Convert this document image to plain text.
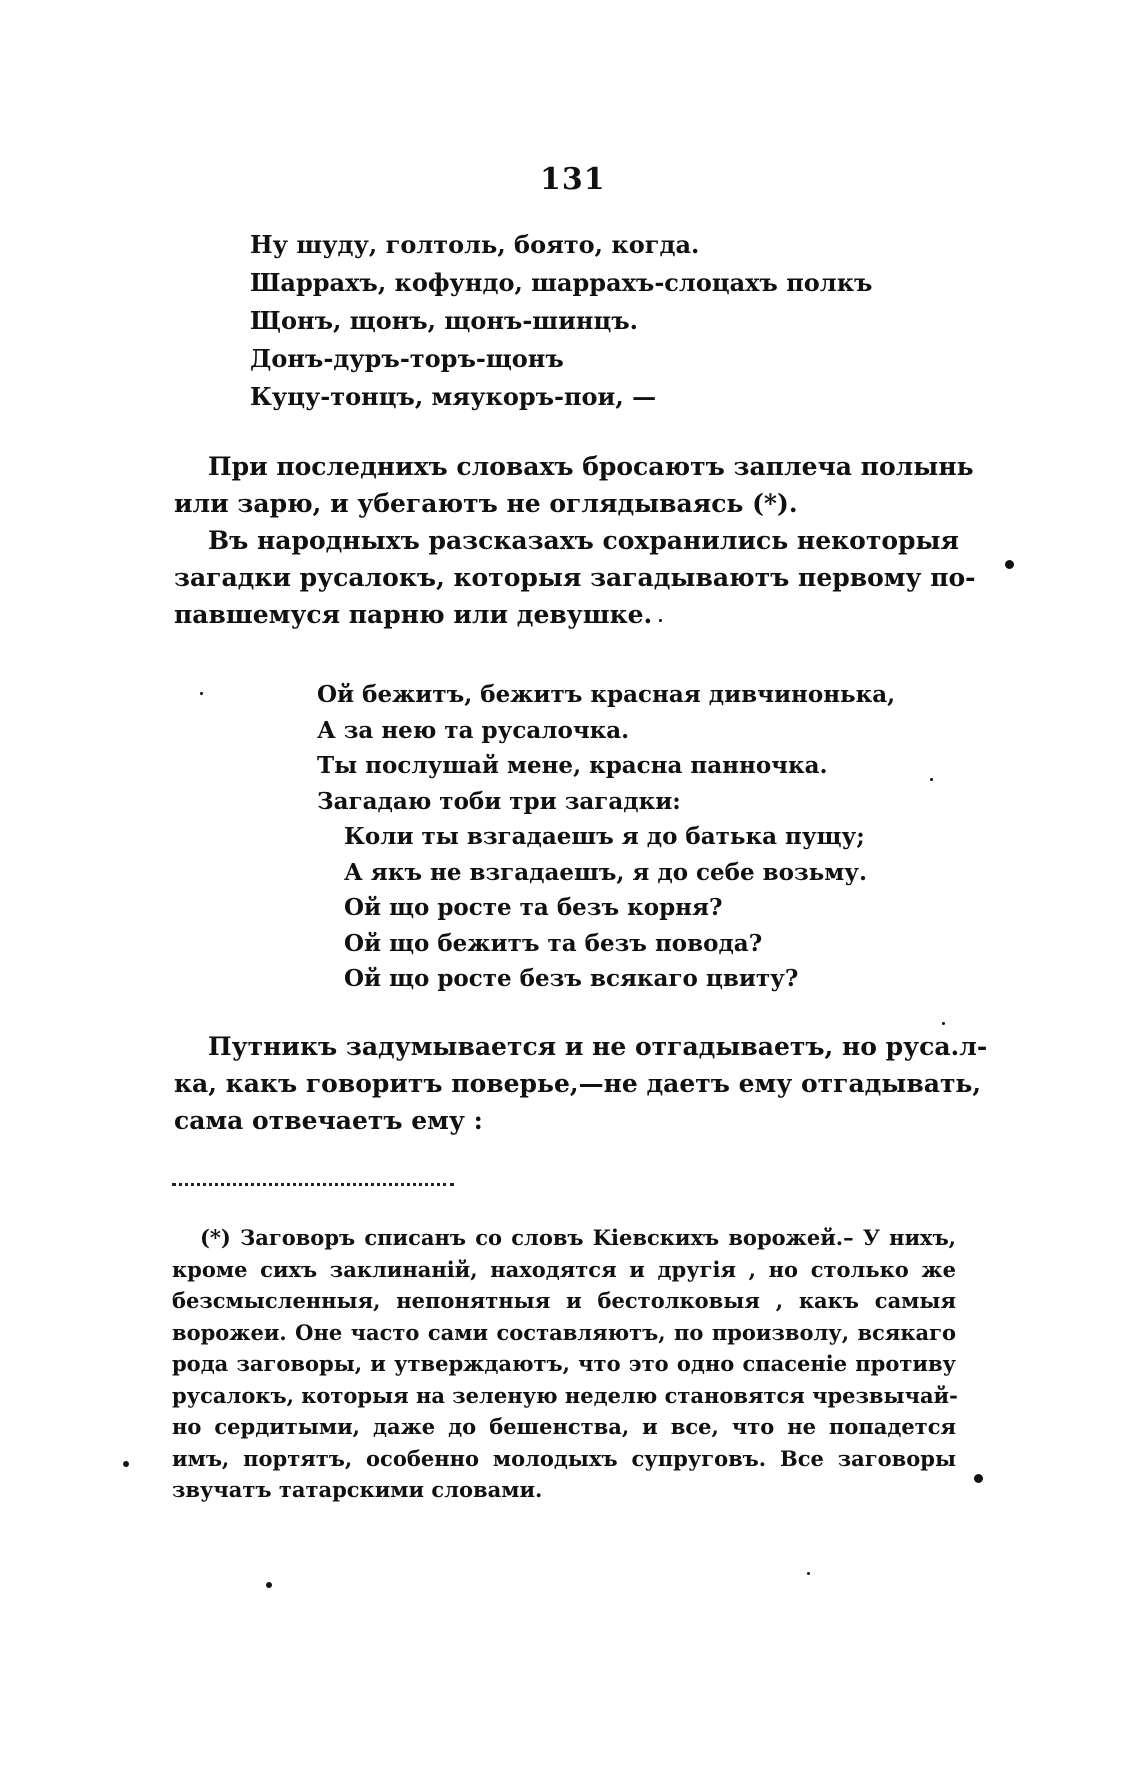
131
Ну шуду, голтоль, боято, когда.
Шаррахъ, кофундо, шаррахъ-слоцахъ полкъ
Щонъ, щонъ, щонъ-шинцъ.
Донъ-дуръ-торъ-щонъ
Куцу-тонцъ, мяукоръ-пои, —
При последнихъ словахъ бросаютъ заплеча полынь
или зарю, и убегаютъ не оглядываясь (*).
Въ народныхъ разсказахъ сохранились некоторыя
загадки русалокъ, которыя загадываютъ первому по-
павшемуся парню или девушке.
Ой бежитъ, бежитъ красная дивчинонька,
А за нею та русалочка.
Ты послушай мене, красна панночка.
Загадаю тоби три загадки:
Коли ты взгадаешъ я до батька пущу;
А якъ не взгадаешъ, я до себе возьму.
Ой що росте та безъ корня?
Ой що бежитъ та безъ повода?
Ой що росте безъ всякаго цвиту?
Путникъ задумывается и не отгадываетъ, но руса.л-
ка, какъ говоритъ поверье,—не даетъ ему отгадывать,
сама отвечаетъ ему :
(*) Заговоръ списанъ со словъ Kiевскихъ ворожей.– У нихъ,
кроме сихъ заклинанiй, находятся и другiя , но столько же
безсмысленныя, непонятныя и бестолковыя , какъ самыя
ворожеи. Онe часто сами составляютъ, по произволу, всякаго
рода заговоры, и утверждаютъ, что это одно спасенiе противу
русалокъ, которыя на зеленую неделю становятся чрезвычай-
но сердитыми, даже до бешенства, и все, что не попадется
имъ, портятъ, особенно молодыхъ супруговъ. Все заговоры
звучатъ татарскими словами.
